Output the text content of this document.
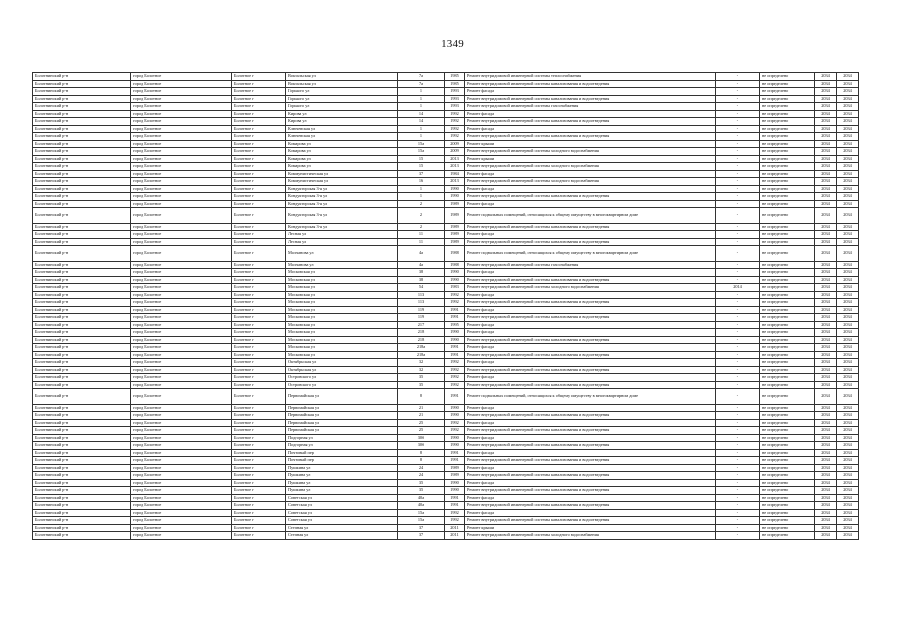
1349
Болотнинский р-н	город Болотное	Болотное г	Вокзальская ул	7а	1985	Ремонт внутридомовой инженерной системы теплоснабжения	-	не определено	2034	2034
Болотнинский р-н	город Болотное	Болотное г	Вокзальская ул	7а	1985	Ремонт внутридомовой инженерной системы канализования и водоотведения	-	не определено	2034	2034
Болотнинский р-н	город Болотное	Болотное г	Горького ул	1	1993	Ремонт фасада	-	не определено	2034	2034
Болотнинский р-н	город Болотное	Болотное г	Горького ул	1	1993	Ремонт внутридомовой инженерной системы канализования и водоотведения	-	не определено	2034	2034
Болотнинский р-н	город Болотное	Болотное г	Горького ул	1	1993	Ремонт внутридомовой инженерной системы газоснабжения	-	не определено	2034	2034
Болотнинский р-н	город Болотное	Болотное г	Кирова ул	14	1992	Ремонт фасада	-	не определено	2034	2034
Болотнинский р-н	город Болотное	Болотное г	Кирова ул	14	1992	Ремонт внутридомовой инженерной системы канализования и водоотведения	-	не определено	2034	2034
Болотнинский р-н	город Болотное	Болотное г	Ключевская ул	1	1992	Ремонт фасада	-	не определено	2034	2034
Болотнинский р-н	город Болотное	Болотное г	Ключевская ул	1	1992	Ремонт внутридомовой инженерной системы канализования и водоотведения	-	не определено	2034	2034
Болотнинский р-н	город Болотное	Болотное г	Комарова ул	15а	2009	Ремонт крыши	-	не определено	2034	2034
Болотнинский р-н	город Болотное	Болотное г	Комарова ул	15а	2009	Ремонт внутридомовой инженерной системы холодного водоснабжения	-	не определено	2034	2034
Болотнинский р-н	город Болотное	Болотное г	Комарова ул	15	2013	Ремонт крыши	-	не определено	2034	2034
Болотнинский р-н	город Болотное	Болотное г	Комарова ул	15	2013	Ремонт внутридомовой инженерной системы холодного водоснабжения	-	не определено	2034	2034
Болотнинский р-н	город Болотное	Болотное г	Коммунистическая ул	37	1984	Ремонт фасада	-	не определено	2034	2034
Болотнинский р-н	город Болотное	Болотное г	Коммунистическая ул	16	2013	Ремонт внутридомовой инженерной системы холодного водоснабжения	-	не определено	2034	2034
Болотнинский р-н	город Болотное	Болотное г	Кондукторская 3-я ул	1	1990	Ремонт фасада	-	не определено	2034	2034
Болотнинский р-н	город Болотное	Болотное г	Кондукторская 3-я ул	1	1990	Ремонт внутридомовой инженерной системы канализования и водоотведения	-	не определено	2034	2034
Болотнинский р-н	город Болотное	Болотное г	Кондукторская 3-я ул	2	1989	Ремонт фасада	-	не определено	2034	2034
Болотнинский р-н	город Болотное	Болотное г	Кондукторская 3-я ул	2	1989	Ремонт подвальных помещений, относящихся к общему имуществу в многоквартирном доме	-	не определено	2034	2034
Болотнинский р-н	город Болотное	Болотное г	Кондукторская 3-я ул	2	1989	Ремонт внутридомовой инженерной системы канализования и водоотведения	-	не определено	2034	2034
Болотнинский р-н	город Болотное	Болотное г	Лесная ул	11	1989	Ремонт фасада	-	не определено	2034	2034
Болотнинский р-н	город Болотное	Болотное г	Лесная ул	11	1989	Ремонт внутридомовой инженерной системы канализования и водоотведения	-	не определено	2034	2034
Болотнинский р-н	город Болотное	Болотное г	Молчанова ул	4а	1988	Ремонт подвальных помещений, относящихся к общему имуществу в многоквартирном доме	-	не определено	2034	2034
Болотнинский р-н	город Болотное	Болотное г	Молчанова ул	4а	1988	Ремонт внутридомовой инженерной системы газоснабжения	-	не определено	2034	2034
Болотнинский р-н	город Болотное	Болотное г	Московская ул	38	1990	Ремонт фасада	-	не определено	2034	2034
Болотнинский р-н	город Болотное	Болотное г	Московская ул	38	1990	Ремонт внутридомовой инженерной системы канализования и водоотведения	-	не определено	2034	2034
Болотнинский р-н	город Болотное	Болотное г	Московская ул	54	1983	Ремонт внутридомовой инженерной системы холодного водоснабжения	2014	не определено	2034	2034
Болотнинский р-н	город Болотное	Болотное г	Московская ул	113	1992	Ремонт фасада	-	не определено	2034	2034
Болотнинский р-н	город Болотное	Болотное г	Московская ул	113	1992	Ремонт внутридомовой инженерной системы канализования и водоотведения	-	не определено	2034	2034
Болотнинский р-н	город Болотное	Болотное г	Московская ул	119	1991	Ремонт фасада	-	не определено	2034	2034
Болотнинский р-н	город Болотное	Болотное г	Московская ул	119	1991	Ремонт внутридомовой инженерной системы канализования и водоотведения	-	не определено	2034	2034
Болотнинский р-н	город Болотное	Болотное г	Московская ул	217	1995	Ремонт фасада	-	не определено	2034	2034
Болотнинский р-н	город Болотное	Болотное г	Московская ул	218	1990	Ремонт фасада	-	не определено	2034	2034
Болотнинский р-н	город Болотное	Болотное г	Московская ул	218	1990	Ремонт внутридомовой инженерной системы канализования и водоотведения	-	не определено	2034	2034
Болотнинский р-н	город Болотное	Болотное г	Московская ул	218а	1991	Ремонт фасада	-	не определено	2034	2034
Болотнинский р-н	город Болотное	Болотное г	Московская ул	218а	1991	Ремонт внутридомовой инженерной системы канализования и водоотведения	-	не определено	2034	2034
Болотнинский р-н	город Болотное	Болотное г	Октябрьская ул	32	1992	Ремонт фасада	-	не определено	2034	2034
Болотнинский р-н	город Болотное	Болотное г	Октябрьская ул	32	1992	Ремонт внутридомовой инженерной системы канализования и водоотведения	-	не определено	2034	2034
Болотнинский р-н	город Болотное	Болотное г	Островского ул	35	1992	Ремонт фасада	-	не определено	2034	2034
Болотнинский р-н	город Болотное	Болотное г	Островского ул	35	1992	Ремонт внутридомовой инженерной системы канализования и водоотведения	-	не определено	2034	2034
Болотнинский р-н	город Болотное	Болотное г	Первомайская ул	8	1991	Ремонт подвальных помещений, относящихся к общему имуществу в многоквартирном доме	-	не определено	2034	2034
Болотнинский р-н	город Болотное	Болотное г	Первомайская ул	21	1990	Ремонт фасада	-	не определено	2034	2034
Болотнинский р-н	город Болотное	Болотное г	Первомайская ул	21	1990	Ремонт внутридомовой инженерной системы канализования и водоотведения	-	не определено	2034	2034
Болотнинский р-н	город Болотное	Болотное г	Первомайская ул	25	1992	Ремонт фасада	-	не определено	2034	2034
Болотнинский р-н	город Болотное	Болотное г	Первомайская ул	25	1992	Ремонт внутридомовой инженерной системы канализования и водоотведения	-	не определено	2034	2034
Болотнинский р-н	город Болотное	Болотное г	Подгорная ул	30б	1990	Ремонт фасада	-	не определено	2034	2034
Болотнинский р-н	город Болотное	Болотное г	Подгорная ул	30б	1990	Ремонт внутридомовой инженерной системы канализования и водоотведения	-	не определено	2034	2034
Болотнинский р-н	город Болотное	Болотное г	Почтовый пер	8	1991	Ремонт фасада	-	не определено	2034	2034
Болотнинский р-н	город Болотное	Болотное г	Почтовый пер	8	1991	Ремонт внутридомовой инженерной системы канализования и водоотведения	-	не определено	2034	2034
Болотнинский р-н	город Болотное	Болотное г	Пушкина ул	24	1989	Ремонт фасада	-	не определено	2034	2034
Болотнинский р-н	город Болотное	Болотное г	Пушкина ул	24	1989	Ремонт внутридомовой инженерной системы канализования и водоотведения	-	не определено	2034	2034
Болотнинский р-н	город Болотное	Болотное г	Пушкина ул	35	1990	Ремонт фасада	-	не определено	2034	2034
Болотнинский р-н	город Болотное	Болотное г	Пушкина ул	35	1990	Ремонт внутридомовой инженерной системы канализования и водоотведения	-	не определено	2034	2034
Болотнинский р-н	город Болотное	Болотное г	Советская ул	40а	1991	Ремонт фасада	-	не определено	2034	2034
Болотнинский р-н	город Болотное	Болотное г	Советская ул	40а	1991	Ремонт внутридомовой инженерной системы канализования и водоотведения	-	не определено	2034	2034
Болотнинский р-н	город Болотное	Болотное г	Советская ул	15а	1992	Ремонт фасада	-	не определено	2034	2034
Болотнинский р-н	город Болотное	Болотное г	Советская ул	15а	1992	Ремонт внутридомовой инженерной системы канализования и водоотведения	-	не определено	2034	2034
Болотнинский р-н	город Болотное	Болотное г	Степная ул	37	2011	Ремонт крыши	-	не определено	2034	2034
Болотнинский р-н	город Болотное	Болотное г	Степная ул	37	2011	Ремонт внутридомовой инженерной системы холодного водоснабжения	-	не определено	2034	2034
